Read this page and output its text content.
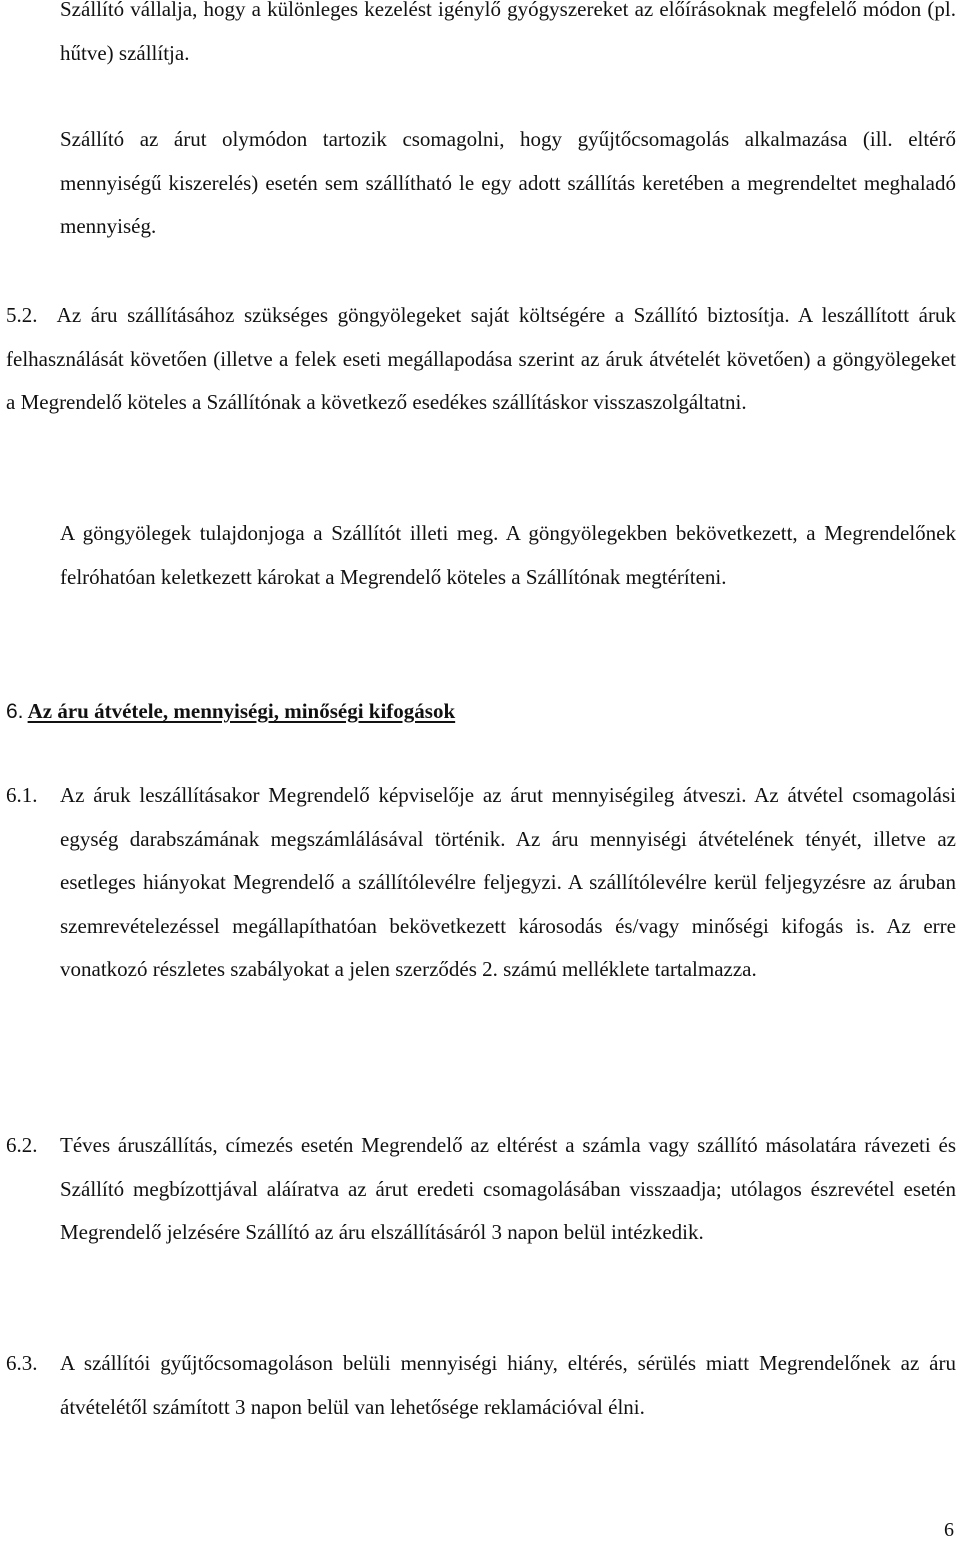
Szállító vállalja, hogy a különleges kezelést igénylő gyógyszereket az előírásoknak megfelelő módon (pl. hűtve) szállítja.

Szállító az árut olymódon tartozik csomagolni, hogy gyűjtőcsomagolás alkalmazása (ill. eltérő mennyiségű kiszerelés) esetén sem szállítható le egy adott szállítás keretében a megrendeltet meghaladó mennyiség.

5.2. Az áru szállításához szükséges göngyölegeket saját költségére a Szállító biztosítja. A leszállított áruk felhasználását követően (illetve a felek eseti megállapodása szerint az áruk átvételét követően) a göngyölegeket a Megrendelő köteles a Szállítónak a következő esedékes szállításkor visszaszolgáltatni.

A göngyölegek tulajdonjoga a Szállítót illeti meg. A göngyölegekben bekövetkezett, a Megrendelőnek felróhatóan keletkezett károkat a Megrendelő köteles a Szállítónak megtéríteni.

6. Az áru átvétele, mennyiségi, minőségi kifogások
6.1.	Az áruk leszállításakor Megrendelő képviselője az árut mennyiségileg átveszi. Az átvétel csomagolási egység darabszámának megszámlálásával történik. Az áru mennyiségi átvételének tényét, illetve az esetleges hiányokat Megrendelő a szállítólevélre feljegyzi. A szállítólevélre kerül feljegyzésre az áruban szemrevételezéssel megállapíthatóan bekövetkezett károsodás és/vagy minőségi kifogás is. Az erre vonatkozó részletes szabályokat a jelen szerződés 2. számú melléklete tartalmazza.
6.2.	Téves áruszállítás, címezés esetén Megrendelő az eltérést a számla vagy szállító másolatára rávezeti és Szállító megbízottjával aláíratva az árut eredeti csomagolásában visszaadja; utólagos észrevétel esetén Megrendelő jelzésére Szállító az áru elszállításáról 3 napon belül intézkedik.
6.3.	A szállítói gyűjtőcsomagoláson belüli mennyiségi hiány, eltérés, sérülés miatt Megrendelőnek az áru átvételétől számított 3 napon belül van lehetősége reklamációval élni.
6
